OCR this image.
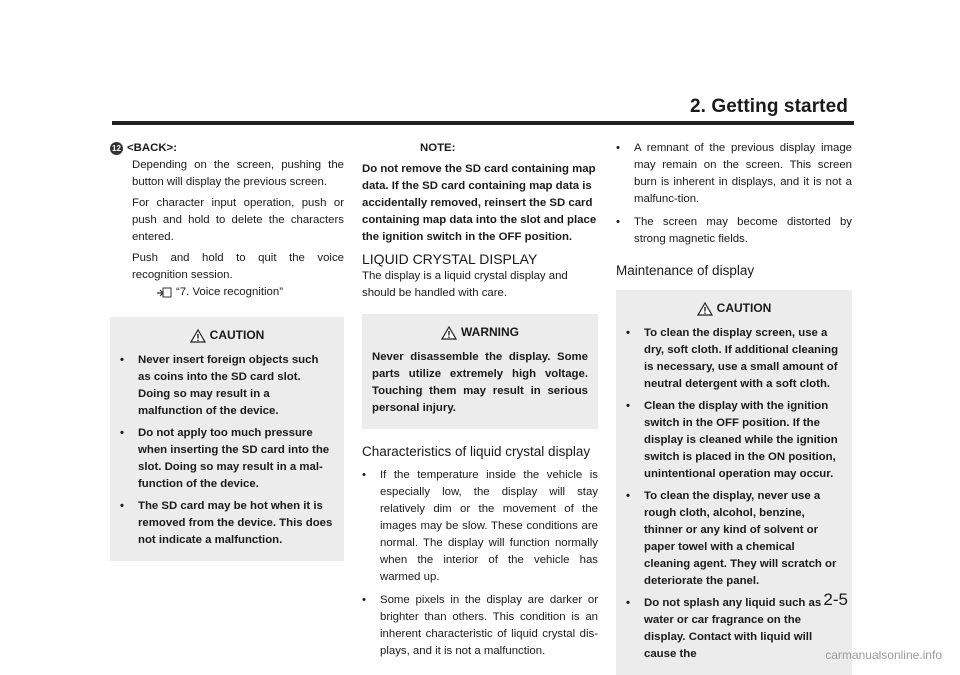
2. Getting started
12 <BACK>:

Depending on the screen, pushing the button will display the previous screen.

For character input operation, push or push and hold to delete the characters entered.

Push and hold to quit the voice recognition session.

“7. Voice recognition”
CAUTION
•	Never insert foreign objects such as coins into the SD card slot. Doing so may result in a malfunction of the device.
•	Do not apply too much pressure when inserting the SD card into the slot. Doing so may result in a mal-function of the device.
•	The SD card may be hot when it is removed from the device. This does not indicate a malfunction.

NOTE:

Do not remove the SD card containing map data. If the SD card containing map data is accidentally removed, reinsert the SD card containing map data into the slot and place the ignition switch in the OFF position.

LIQUID CRYSTAL DISPLAY

The display is a liquid crystal display and should be handled with care.

WARNING

Never disassemble the display. Some parts utilize extremely high voltage. Touching them may result in serious personal injury.

Characteristics of liquid crystal display
•	If the temperature inside the vehicle is especially low, the display will stay relatively dim or the movement of the images may be slow. These conditions are normal. The display will function normally when the interior of the vehicle has warmed up.
•	Some pixels in the display are darker or brighter than others. This condition is an inherent characteristic of liquid crystal dis-plays, and it is not a malfunction.
•	A remnant of the previous display image may remain on the screen. This screen burn is inherent in displays, and it is not a malfunc-tion.
•	The screen may become distorted by strong magnetic fields.
Maintenance of display
CAUTION
•	To clean the display screen, use a dry, soft cloth. If additional cleaning is necessary, use a small amount of neutral detergent with a soft cloth.
•	Clean the display with the ignition switch in the OFF position. If the display is cleaned while the ignition switch is placed in the ON position, unintentional operation may occur.
•	To clean the display, never use a rough cloth, alcohol, benzine, thinner or any kind of solvent or paper towel with a chemical cleaning agent. They will scratch or deteriorate the panel.
•	Do not splash any liquid such as water or car fragrance on the display. Contact with liquid will cause the
2-5
carmanualsonline.info
